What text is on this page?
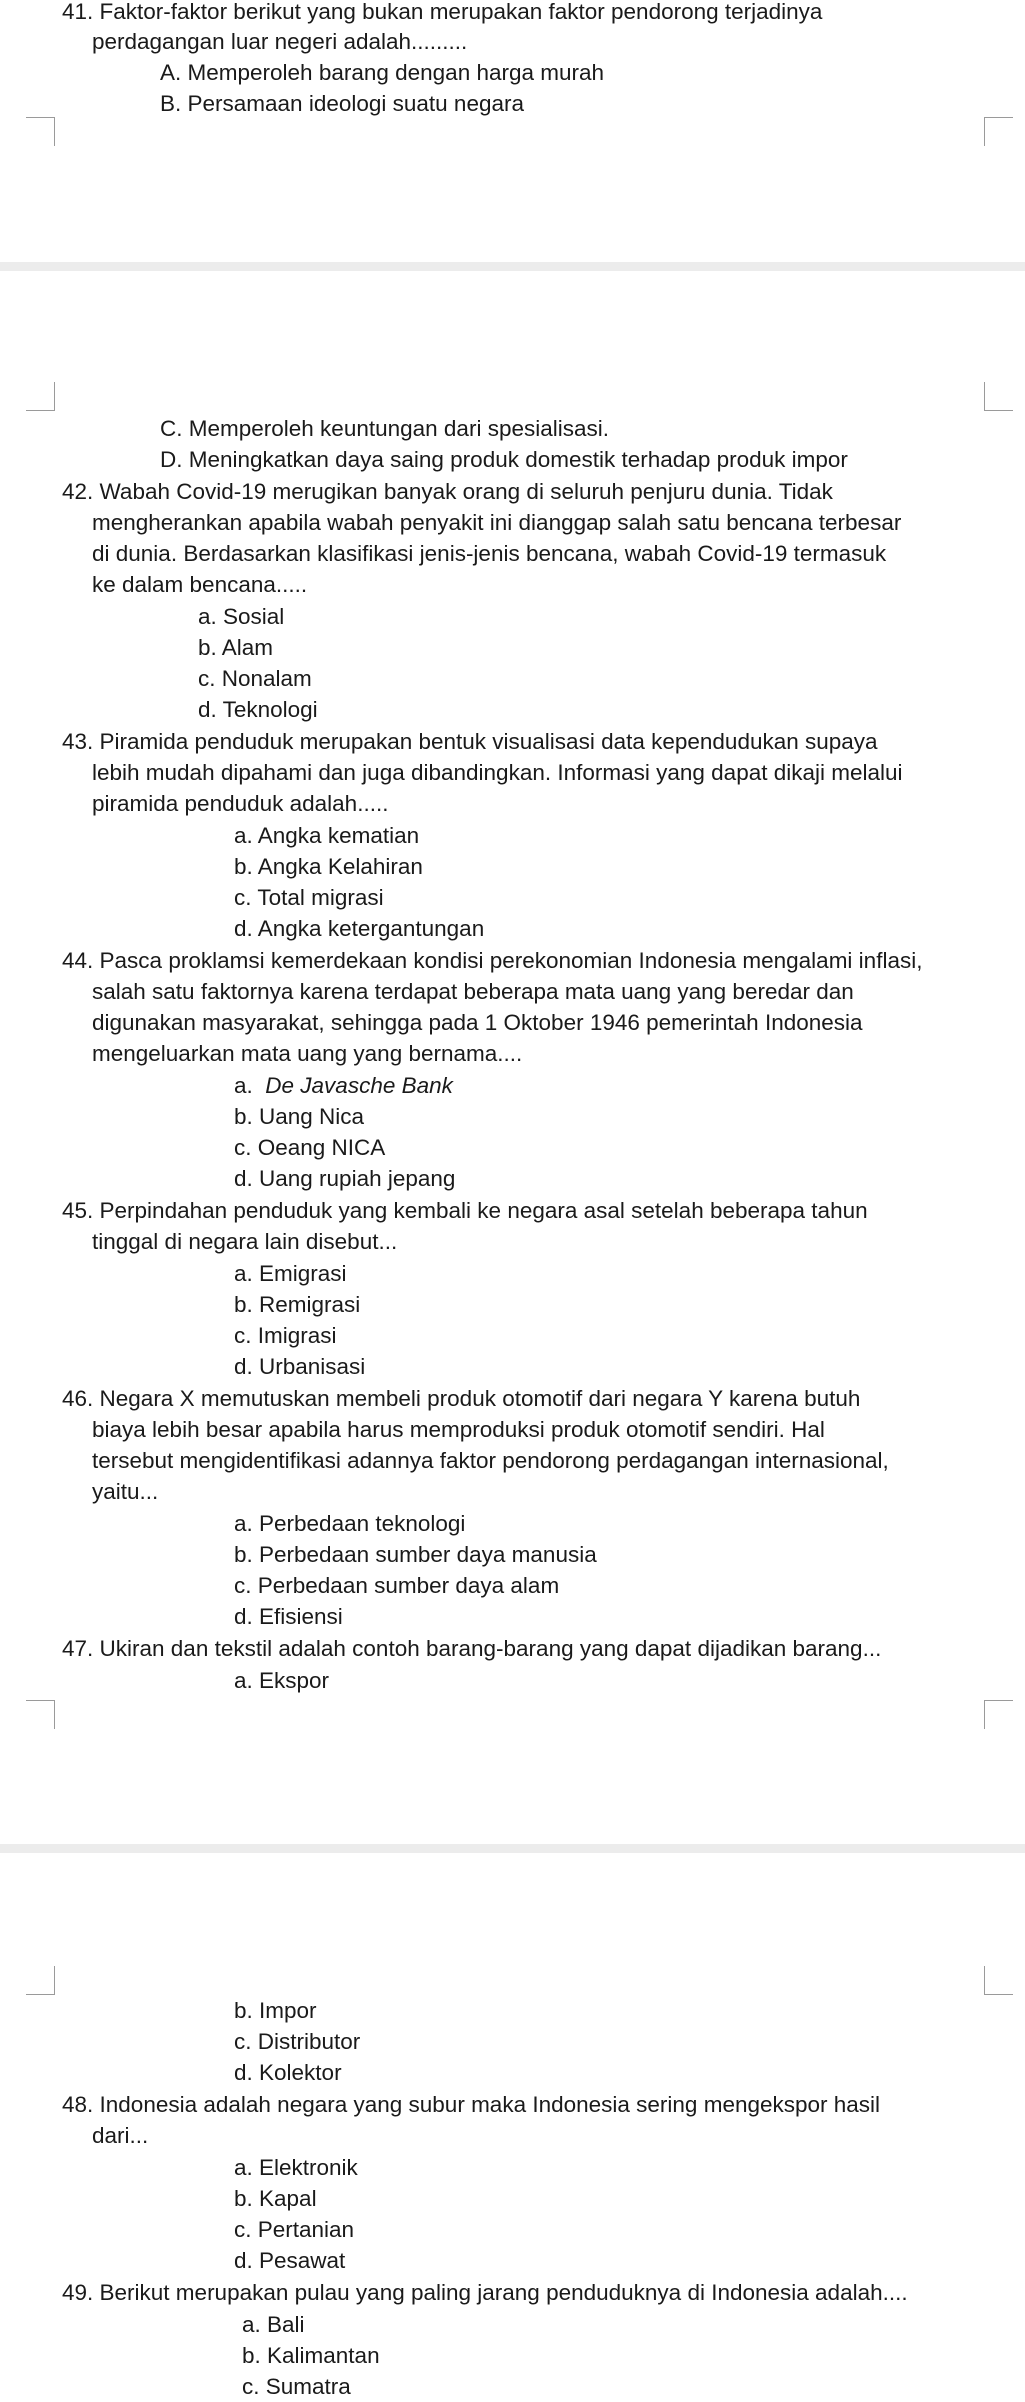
41. Faktor-faktor berikut yang bukan merupakan faktor pendorong terjadinya
perdagangan luar negeri adalah.........
A. Memperoleh barang dengan harga murah
B. Persamaan ideologi suatu negara
C. Memperoleh keuntungan dari spesialisasi.
D. Meningkatkan daya saing produk domestik terhadap produk impor
42. Wabah Covid-19 merugikan banyak orang di seluruh penjuru dunia. Tidak
mengherankan apabila wabah penyakit ini dianggap salah satu bencana terbesar
di dunia. Berdasarkan klasifikasi jenis-jenis bencana, wabah Covid-19 termasuk
ke dalam bencana.....
a. Sosial
b. Alam
c. Nonalam
d. Teknologi
43. Piramida penduduk merupakan bentuk visualisasi data kependudukan supaya
lebih mudah dipahami dan juga dibandingkan. Informasi yang dapat dikaji melalui
piramida penduduk adalah.....
a. Angka kematian
b. Angka Kelahiran
c. Total migrasi
d. Angka ketergantungan
44. Pasca proklamsi kemerdekaan kondisi perekonomian Indonesia mengalami inflasi,
salah satu faktornya karena terdapat beberapa mata uang yang beredar dan
digunakan masyarakat, sehingga pada 1 Oktober 1946 pemerintah Indonesia
mengeluarkan mata uang yang bernama....
a. De Javasche Bank
b. Uang Nica
c. Oeang NICA
d. Uang rupiah jepang
45. Perpindahan penduduk yang kembali ke negara asal setelah beberapa tahun
tinggal di negara lain disebut...
a. Emigrasi
b. Remigrasi
c. Imigrasi
d. Urbanisasi
46. Negara X memutuskan membeli produk otomotif dari negara Y karena butuh
biaya lebih besar apabila harus memproduksi produk otomotif sendiri. Hal
tersebut mengidentifikasi adannya faktor pendorong perdagangan internasional,
yaitu...
a. Perbedaan teknologi
b. Perbedaan sumber daya manusia
c. Perbedaan sumber daya alam
d. Efisiensi
47. Ukiran dan tekstil adalah contoh barang-barang yang dapat dijadikan barang...
a. Ekspor
b. Impor
c. Distributor
d. Kolektor
48. Indonesia adalah negara yang subur maka Indonesia sering mengekspor hasil
dari...
a. Elektronik
b. Kapal
c. Pertanian
d. Pesawat
49. Berikut merupakan pulau yang paling jarang penduduknya di Indonesia adalah....
a. Bali
b. Kalimantan
c. Sumatra
